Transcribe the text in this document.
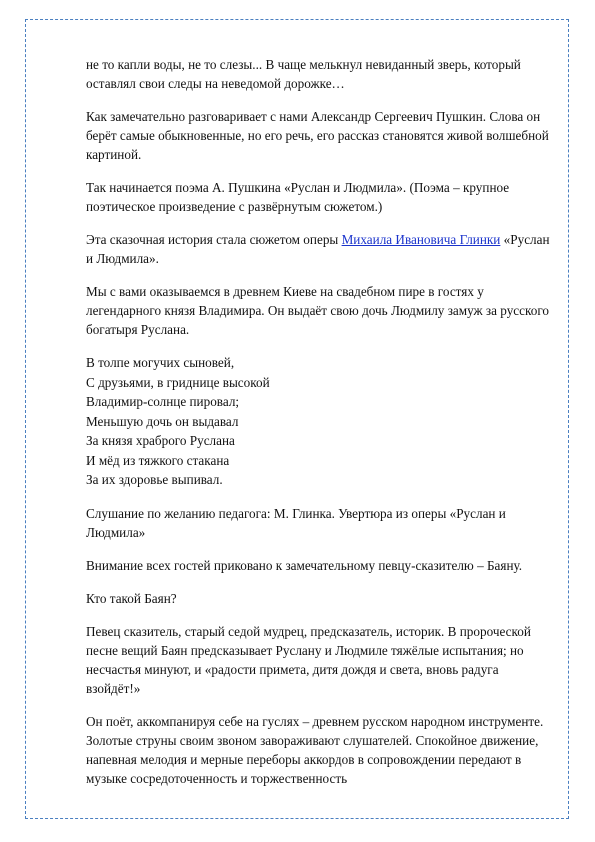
не то капли воды, не то слезы... В чаще мелькнул невиданный зверь, который оставлял свои следы на неведомой дорожке…

Как замечательно разговаривает с нами Александр Сергеевич Пушкин. Слова он берёт самые обыкновенные, но его речь, его рассказ становятся живой волшебной картиной.

Так начинается поэма А. Пушкина «Руслан и Людмила». (Поэма – крупное поэтическое произведение с развёрнутым сюжетом.)

Эта сказочная история стала сюжетом оперы Михаила Ивановича Глинки «Руслан и Людмила».

Мы с вами оказываемся в древнем Киеве на свадебном пире в гостях у легендарного князя Владимира. Он выдаёт свою дочь Людмилу замуж за русского богатыря Руслана.

В толпе могучих сыновей,
С друзьями, в гриднице высокой
Владимир-солнце пировал;
Меньшую дочь он выдавал
За князя храброго Руслана
И мёд из тяжкого стакана
За их здоровье выпивал.

Слушание по желанию педагога: М. Глинка. Увертюра из оперы «Руслан и Людмила»

Внимание всех гостей приковано к замечательному певцу-сказителю – Баяну.

Кто такой Баян?

Певец сказитель, старый седой мудрец, предсказатель, историк. В пророческой песне вещий Баян предсказывает Руслану и Людмиле тяжёлые испытания; но несчастья минуют, и «радости примета, дитя дождя и света, вновь радуга взойдёт!»

Он поёт, аккомпанируя себе на гуслях – древнем русском народном инструменте. Золотые струны своим звоном завораживают слушателей. Спокойное движение, напевная мелодия и мерные переборы аккордов в сопровождении передают в музыке сосредоточенность и торжественность
